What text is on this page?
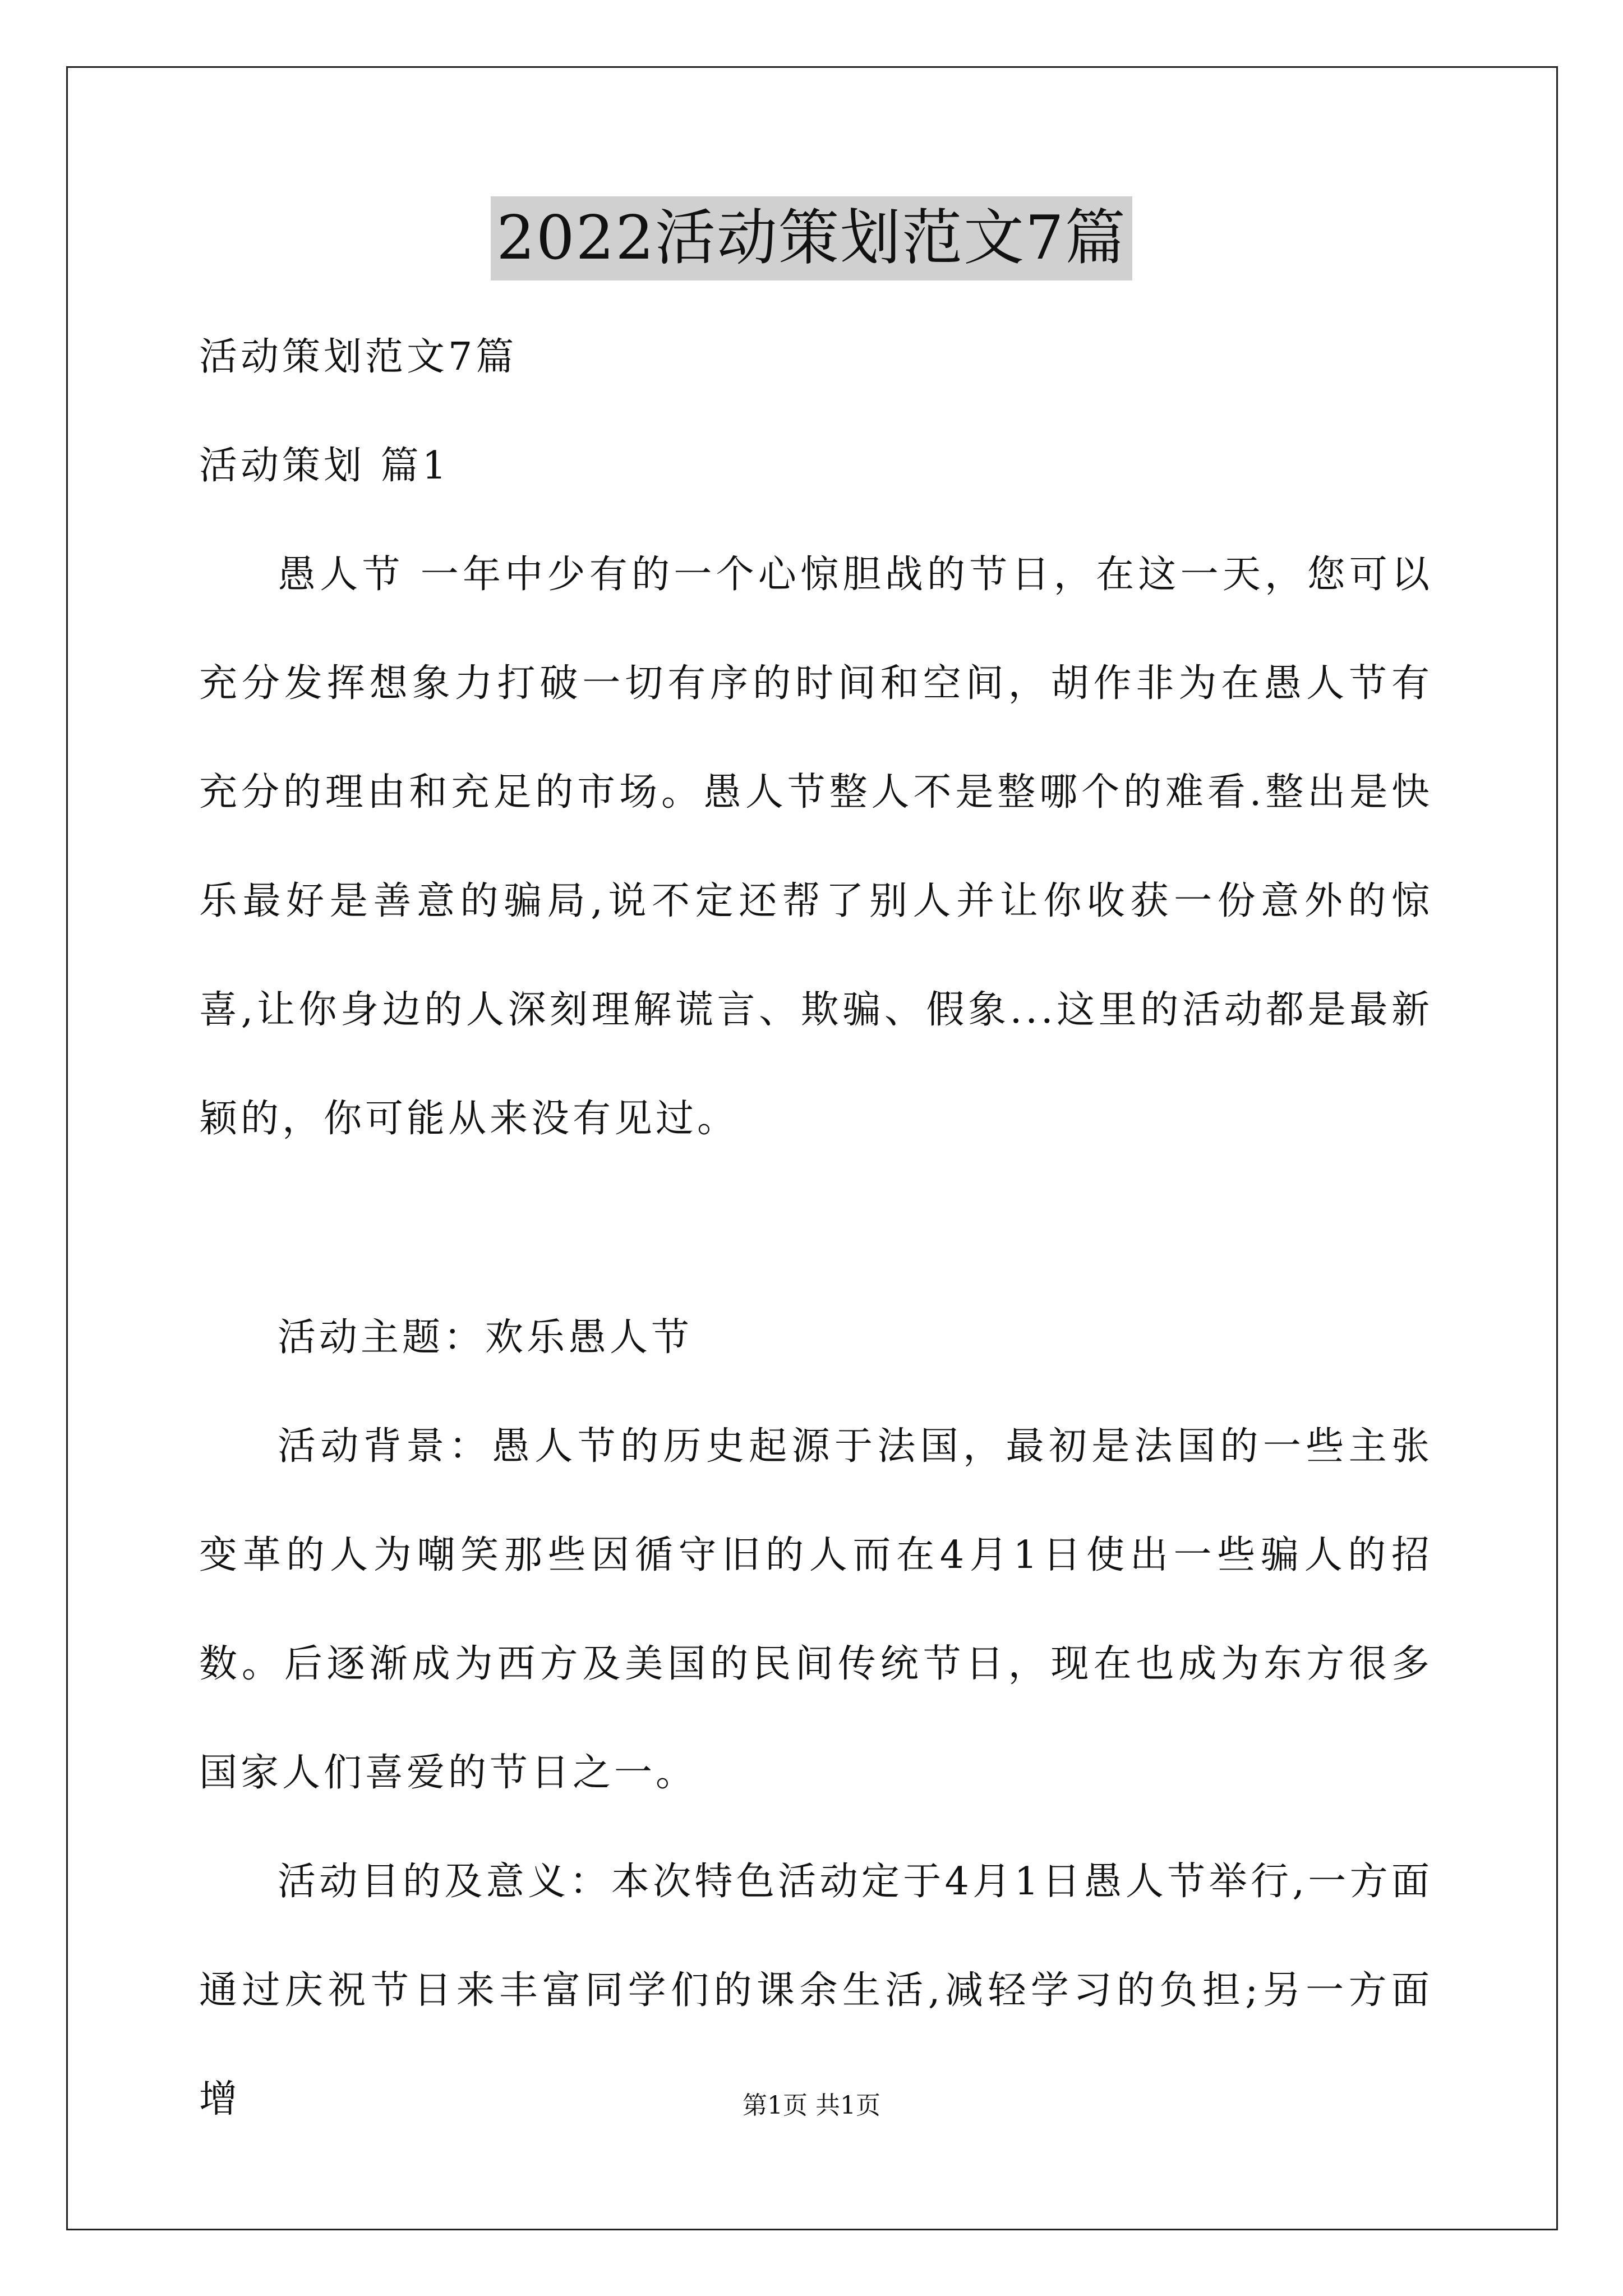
2022活动策划范文7篇

活动策划范文7篇

活动策划 篇1

愚人节 一年中少有的一个心惊胆战的节日，在这一天，您可以充分发挥想象力打破一切有序的时间和空间，胡作非为在愚人节有充分的理由和充足的市场。愚人节整人不是整哪个的难看.整出是快乐最好是善意的骗局,说不定还帮了别人并让你收获一份意外的惊喜,让你身边的人深刻理解谎言、欺骗、假象...这里的活动都是最新颖的，你可能从来没有见过。

活动主题：欢乐愚人节

活动背景：愚人节的历史起源于法国，最初是法国的一些主张变革的人为嘲笑那些因循守旧的人而在4月1日使出一些骗人的招数。后逐渐成为西方及美国的民间传统节日，现在也成为东方很多国家人们喜爱的节日之一。

活动目的及意义：本次特色活动定于4月1日愚人节举行,一方面通过庆祝节日来丰富同学们的课余生活,减轻学习的负担;另一方面增	第1页 共1页
